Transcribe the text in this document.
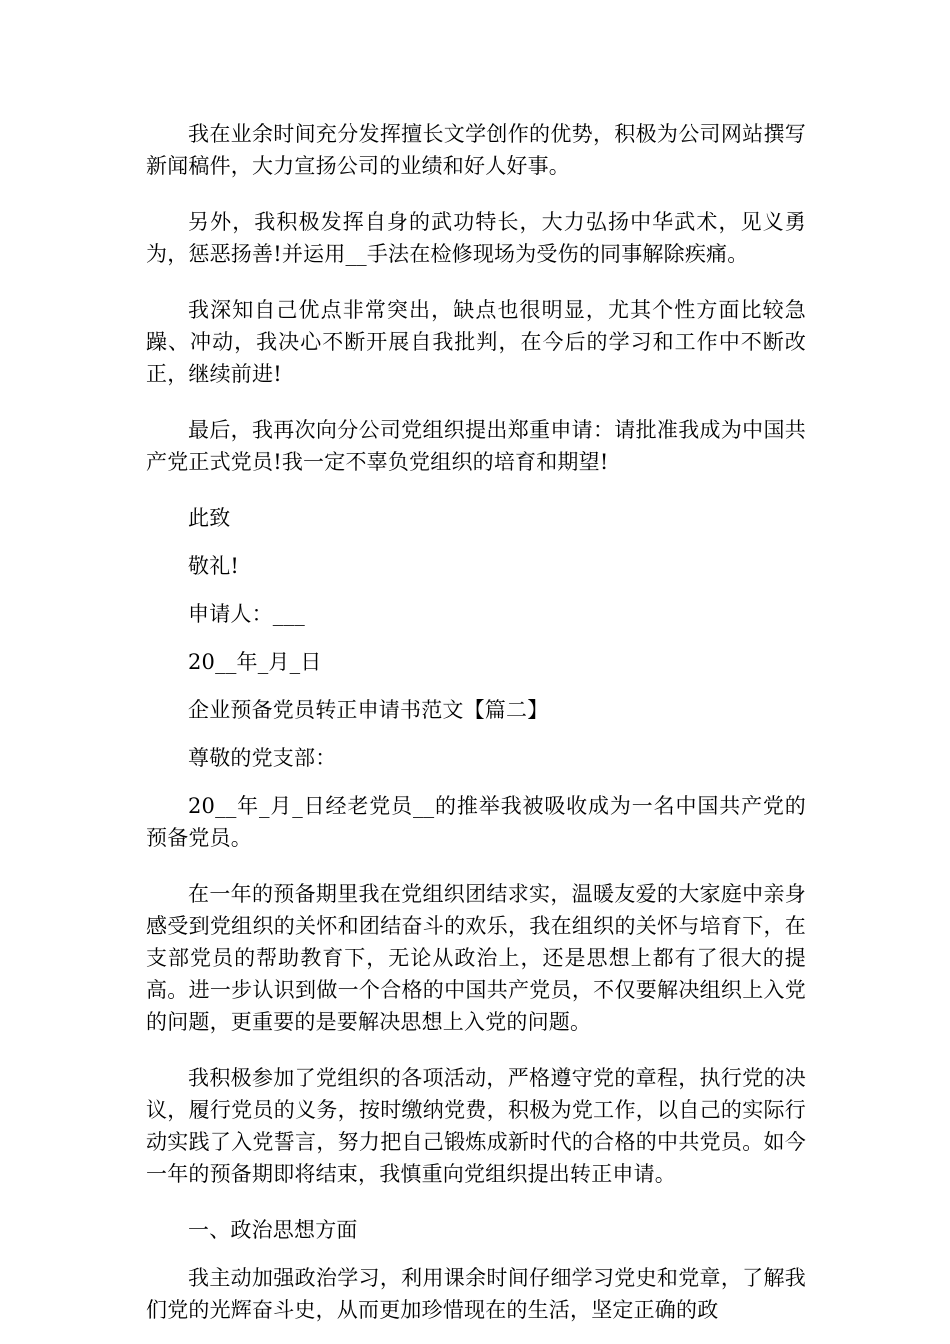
我在业余时间充分发挥擅长文学创作的优势，积极为公司网站撰写新闻稿件，大力宣扬公司的业绩和好人好事。

另外，我积极发挥自身的武功特长，大力弘扬中华武术，见义勇为，惩恶扬善!并运用__手法在检修现场为受伤的同事解除疾痛。

我深知自己优点非常突出，缺点也很明显，尤其个性方面比较急躁、冲动，我决心不断开展自我批判，在今后的学习和工作中不断改正，继续前进!

最后，我再次向分公司党组织提出郑重申请：请批准我成为中国共产党正式党员!我一定不辜负党组织的培育和期望!

此致

敬礼!

申请人：___

20__年_月_日

企业预备党员转正申请书范文【篇二】

尊敬的党支部：

20__年_月_日经老党员__的推举我被吸收成为一名中国共产党的预备党员。

在一年的预备期里我在党组织团结求实，温暖友爱的大家庭中亲身感受到党组织的关怀和团结奋斗的欢乐，我在组织的关怀与培育下，在支部党员的帮助教育下，无论从政治上，还是思想上都有了很大的提高。进一步认识到做一个合格的中国共产党员，不仅要解决组织上入党的问题，更重要的是要解决思想上入党的问题。

我积极参加了党组织的各项活动，严格遵守党的章程，执行党的决议，履行党员的义务，按时缴纳党费，积极为党工作，以自己的实际行动实践了入党誓言，努力把自己锻炼成新时代的合格的中共党员。如今一年的预备期即将结束，我慎重向党组织提出转正申请。

一、政治思想方面

我主动加强政治学习，利用课余时间仔细学习党史和党章，了解我们党的光辉奋斗史，从而更加珍惜现在的生活，坚定正确的政
